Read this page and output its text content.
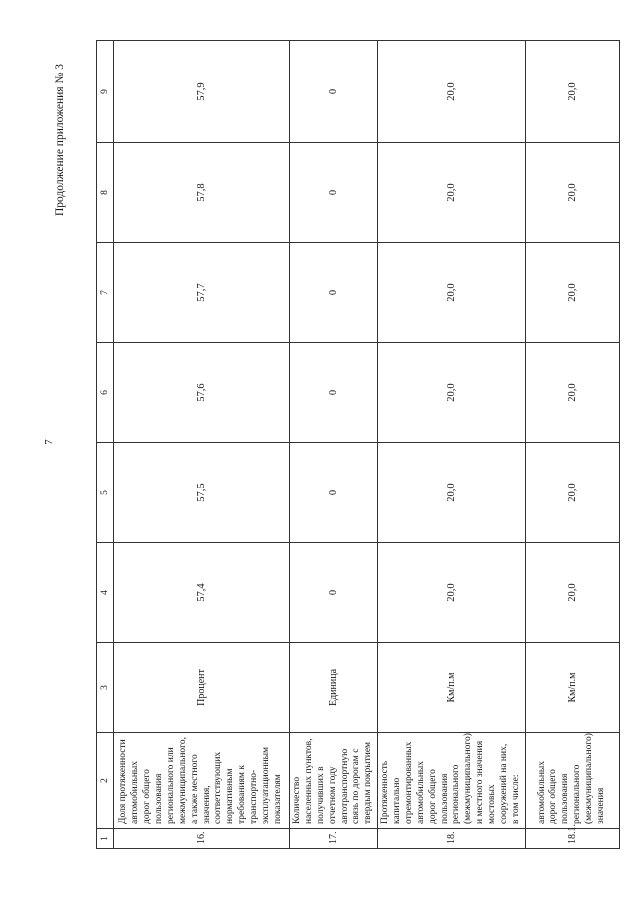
7
Продолжение приложения № 3
1	2	3	4	5	6	7	8	9
16.	Доля протяженности автомобильных дорог общего пользования регионального или межмуниципального, а также местного значения, соответствующих нормативным требованиям к транспортно-эксплуатационным показателям	Процент	57,4	57,5	57,6	57,7	57,8	57,9
17.	Количество населенных пунктов, получивших в отчетном году автотранспортную связь по дорогам с твердым покрытием	Единица	0	0	0	0	0	0
18.	Протяженность капитально отремонтированных автомобильных дорог общего пользования регионального (межмуниципального) и местного значения мостовых сооружений на них, в том числе:	Км/п.м	20,0	20,0	20,0	20,0	20,0	20,0
18.1.	автомобильных дорог общего пользования регионального (межмуниципального) значения	Км/п.м	20,0	20,0	20,0	20,0	20,0	20,0
